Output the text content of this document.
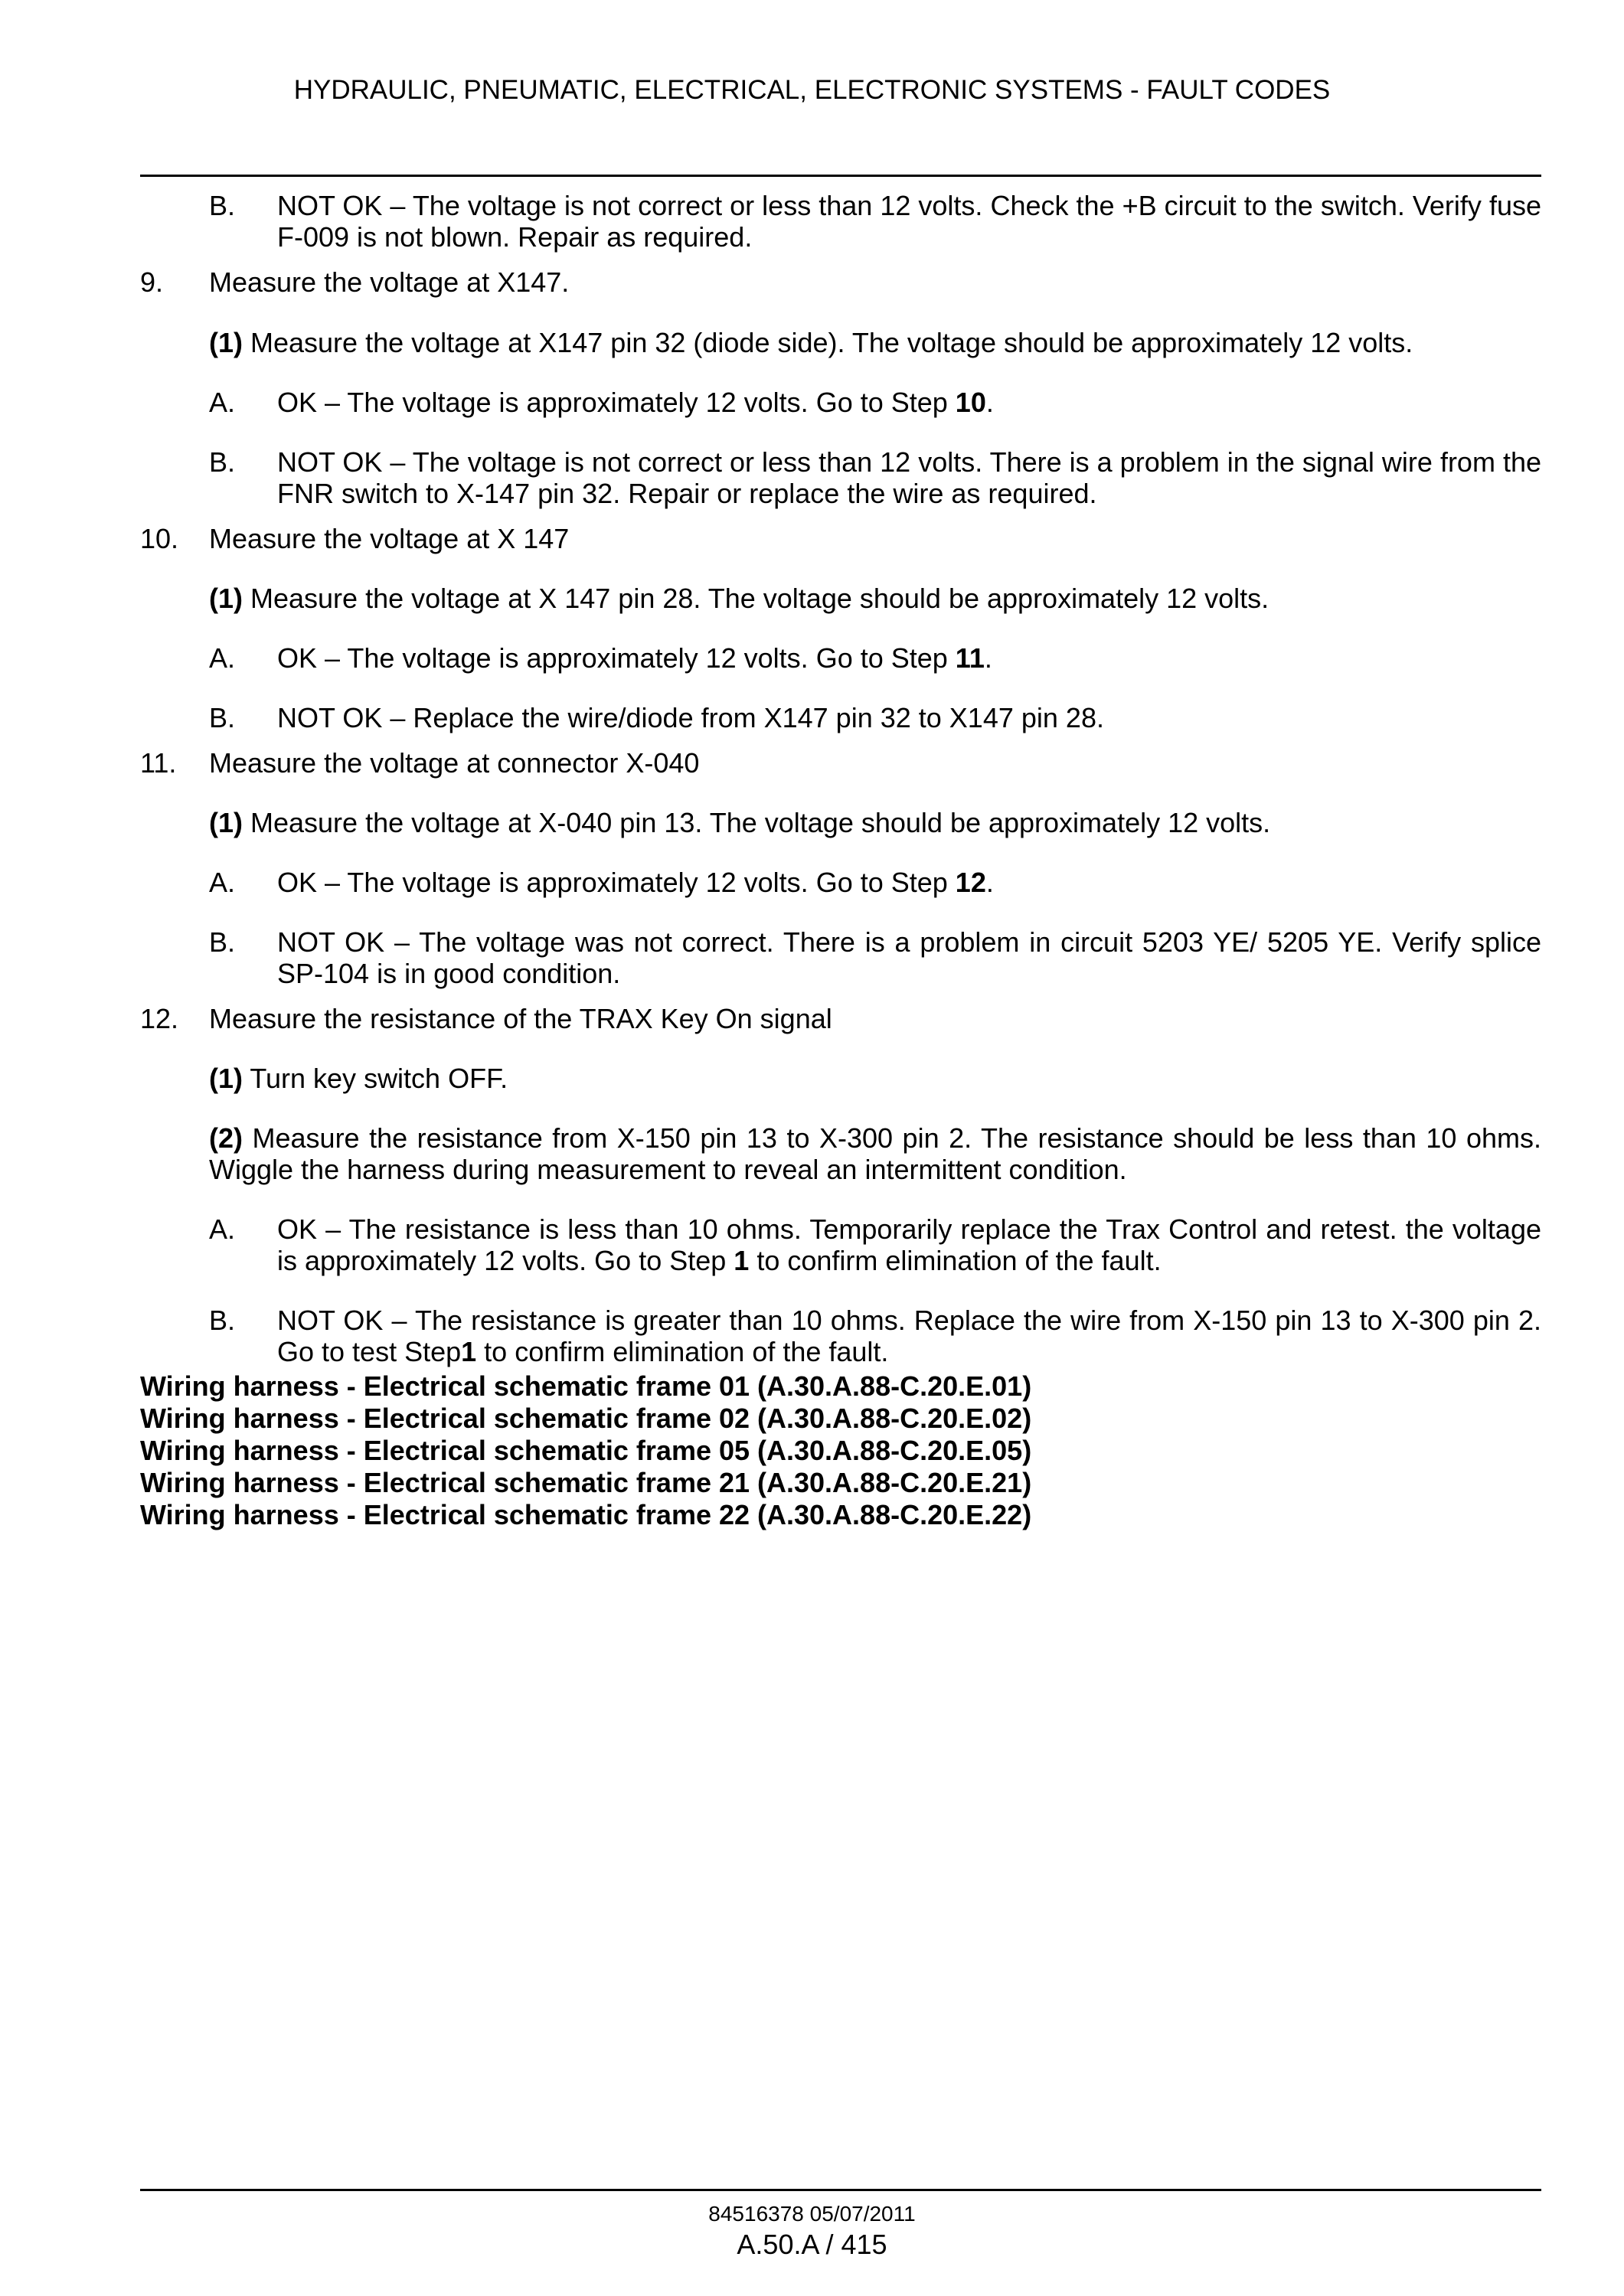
HYDRAULIC, PNEUMATIC, ELECTRICAL, ELECTRONIC SYSTEMS - FAULT CODES
B. NOT OK – The voltage is not correct or less than 12 volts. Check the +B circuit to the switch. Verify fuse F-009 is not blown. Repair as required.
9. Measure the voltage at X147.
(1) Measure the voltage at X147 pin 32 (diode side). The voltage should be approximately 12 volts.
A. OK – The voltage is approximately 12 volts. Go to Step 10.
B. NOT OK – The voltage is not correct or less than 12 volts. There is a problem in the signal wire from the FNR switch to X-147 pin 32. Repair or replace the wire as required.
10. Measure the voltage at X 147
(1) Measure the voltage at X 147 pin 28. The voltage should be approximately 12 volts.
A. OK – The voltage is approximately 12 volts. Go to Step 11.
B. NOT OK – Replace the wire/diode from X147 pin 32 to X147 pin 28.
11. Measure the voltage at connector X-040
(1) Measure the voltage at X-040 pin 13. The voltage should be approximately 12 volts.
A. OK – The voltage is approximately 12 volts. Go to Step 12.
B. NOT OK – The voltage was not correct. There is a problem in circuit 5203 YE/ 5205 YE. Verify splice SP-104 is in good condition.
12. Measure the resistance of the TRAX Key On signal
(1) Turn key switch OFF.
(2) Measure the resistance from X-150 pin 13 to X-300 pin 2. The resistance should be less than 10 ohms. Wiggle the harness during measurement to reveal an intermittent condition.
A. OK – The resistance is less than 10 ohms. Temporarily replace the Trax Control and retest. the voltage is approximately 12 volts. Go to Step 1 to confirm elimination of the fault.
B. NOT OK – The resistance is greater than 10 ohms. Replace the wire from X-150 pin 13 to X-300 pin 2. Go to test Step1 to confirm elimination of the fault.
Wiring harness - Electrical schematic frame 01 (A.30.A.88-C.20.E.01)
Wiring harness - Electrical schematic frame 02 (A.30.A.88-C.20.E.02)
Wiring harness - Electrical schematic frame 05 (A.30.A.88-C.20.E.05)
Wiring harness - Electrical schematic frame 21 (A.30.A.88-C.20.E.21)
Wiring harness - Electrical schematic frame 22 (A.30.A.88-C.20.E.22)
84516378 05/07/2011
A.50.A / 415
